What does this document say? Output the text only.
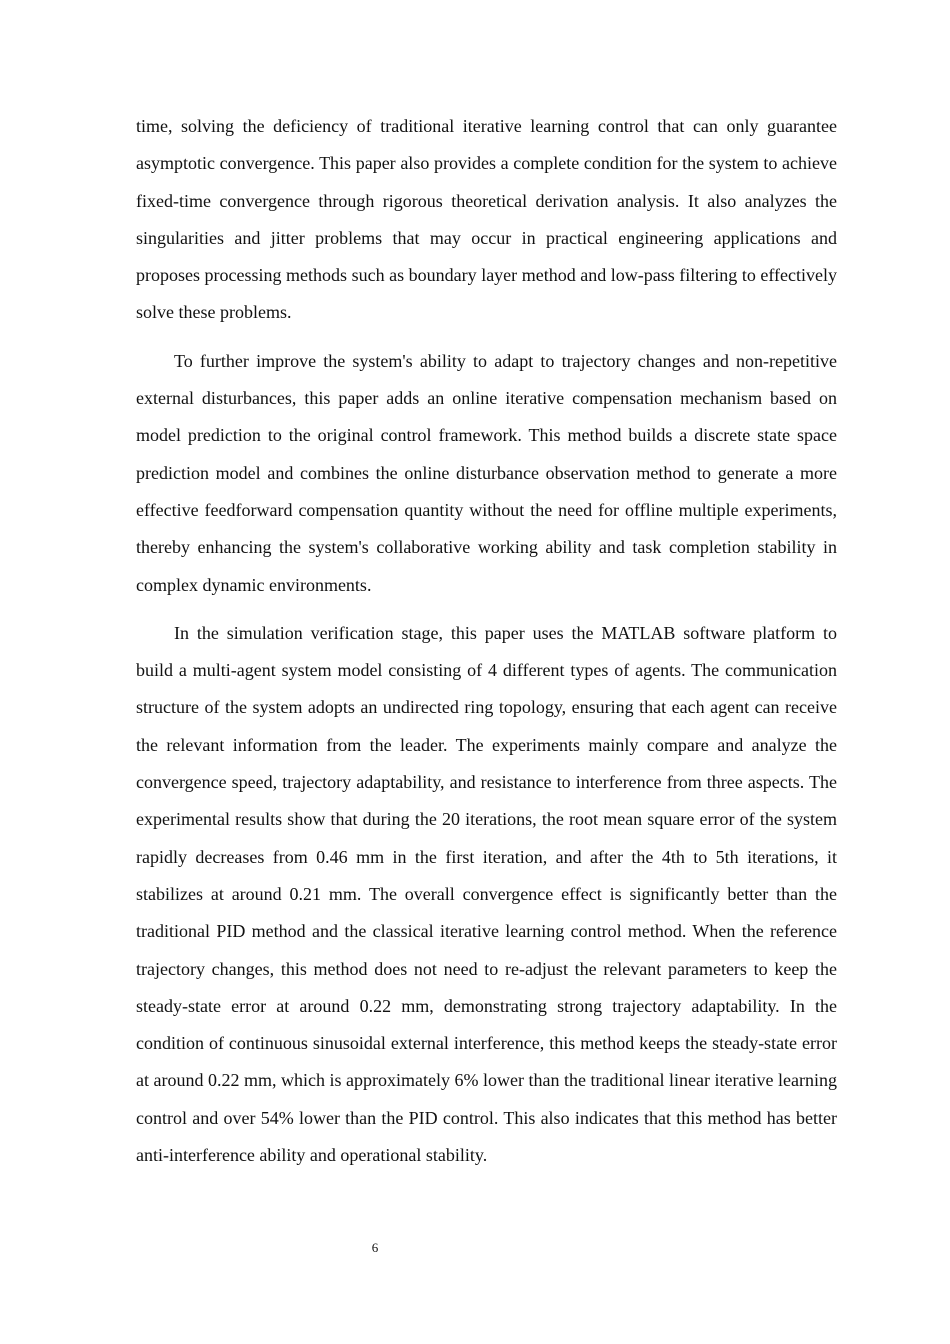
time, solving the deficiency of traditional iterative learning control that can only guarantee asymptotic convergence. This paper also provides a complete condition for the system to achieve fixed-time convergence through rigorous theoretical derivation analysis. It also analyzes the singularities and jitter problems that may occur in practical engineering applications and proposes processing methods such as boundary layer method and low-pass filtering to effectively solve these problems.

To further improve the system's ability to adapt to trajectory changes and non-repetitive external disturbances, this paper adds an online iterative compensation mechanism based on model prediction to the original control framework. This method builds a discrete state space prediction model and combines the online disturbance observation method to generate a more effective feedforward compensation quantity without the need for offline multiple experiments, thereby enhancing the system's collaborative working ability and task completion stability in complex dynamic environments.

In the simulation verification stage, this paper uses the MATLAB software platform to build a multi-agent system model consisting of 4 different types of agents. The communication structure of the system adopts an undirected ring topology, ensuring that each agent can receive the relevant information from the leader. The experiments mainly compare and analyze the convergence speed, trajectory adaptability, and resistance to interference from three aspects. The experimental results show that during the 20 iterations, the root mean square error of the system rapidly decreases from 0.46 mm in the first iteration, and after the 4th to 5th iterations, it stabilizes at around 0.21 mm. The overall convergence effect is significantly better than the traditional PID method and the classical iterative learning control method. When the reference trajectory changes, this method does not need to re-adjust the relevant parameters to keep the steady-state error at around 0.22 mm, demonstrating strong trajectory adaptability. In the condition of continuous sinusoidal external interference, this method keeps the steady-state error at around 0.22 mm, which is approximately 6% lower than the traditional linear iterative learning control and over 54% lower than the PID control. This also indicates that this method has better anti-interference ability and operational stability.

6
